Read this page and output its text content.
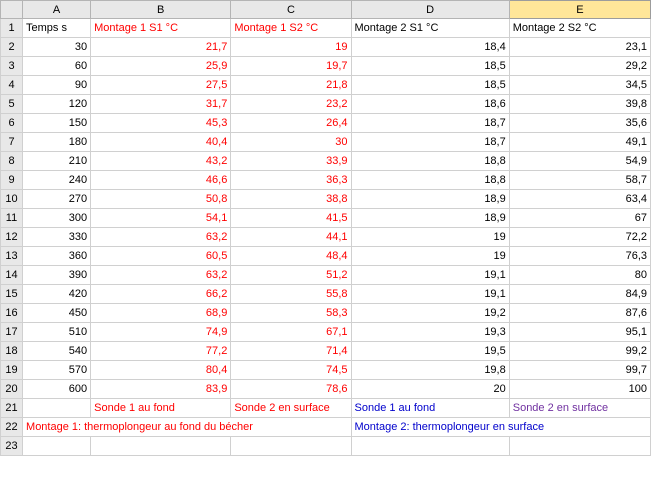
	A	B	C	D	E
1	Temps s	Montage 1 S1 °C	Montage 1 S2 °C	Montage 2 S1 °C	Montage 2 S2 °C
2	30	21,7	19	18,4	23,1
3	60	25,9	19,7	18,5	29,2
4	90	27,5	21,8	18,5	34,5
5	120	31,7	23,2	18,6	39,8
6	150	45,3	26,4	18,7	35,6
7	180	40,4	30	18,7	49,1
8	210	43,2	33,9	18,8	54,9
9	240	46,6	36,3	18,8	58,7
10	270	50,8	38,8	18,9	63,4
11	300	54,1	41,5	18,9	67
12	330	63,2	44,1	19	72,2
13	360	60,5	48,4	19	76,3
14	390	63,2	51,2	19,1	80
15	420	66,2	55,8	19,1	84,9
16	450	68,9	58,3	19,2	87,6
17	510	74,9	67,1	19,3	95,1
18	540	77,2	71,4	19,5	99,2
19	570	80,4	74,5	19,8	99,7
20	600	83,9	78,6	20	100
21		Sonde 1 au fond	Sonde 2 en surface	Sonde 1 au fond	Sonde 2 en surface
22	Montage 1: thermoplongeur au fond du bécher			Montage 2: thermoplongeur en surface	
23					
